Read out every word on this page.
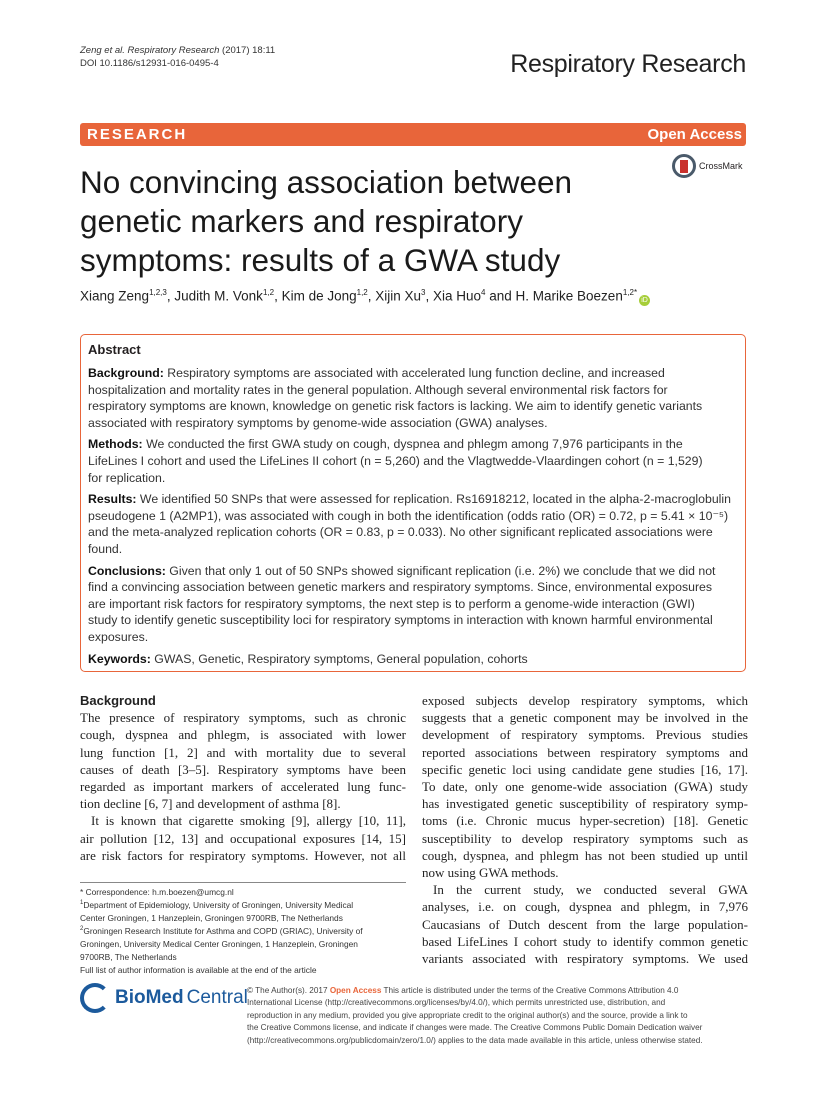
Zeng et al. Respiratory Research (2017) 18:11
DOI 10.1186/s12931-016-0495-4	Respiratory Research
RESEARCH	Open Access
No convincing association between genetic markers and respiratory symptoms: results of a GWA study
CrossMark
Xiang Zeng$^{1,2,3}$, Judith M. Vonk$^{1,2}$, Kim de Jong$^{1,2}$, Xijin Xu$^3$, Xia Huo$^4$ and H. Marike Boezen$^{1,2*}$iD
Abstract
Background: Respiratory symptoms are associated with accelerated lung function decline, and increased
hospitalization and mortality rates in the general population. Although several environmental risk factors for
respiratory symptoms are known, knowledge on genetic risk factors is lacking. We aim to identify genetic variants
associated with respiratory symptoms by genome-wide association (GWA) analyses.
Methods: We conducted the first GWA study on cough, dyspnea and phlegm among 7,976 participants in the
LifeLines I cohort and used the LifeLines II cohort (n = 5,260) and the Vlagtwedde-Vlaardingen cohort (n = 1,529)
for replication.
Results: We identified 50 SNPs that were assessed for replication. Rs16918212, located in the alpha-2-macroglobulin
pseudogene 1 (A2MP1), was associated with cough in both the identification (odds ratio (OR) = 0.72, p = 5.41 × 10⁻⁵)
and the meta-analyzed replication cohorts (OR = 0.83, p = 0.033). No other significant replicated associations were
found.
Conclusions: Given that only 1 out of 50 SNPs showed significant replication (i.e. 2%) we conclude that we did not
find a convincing association between genetic markers and respiratory symptoms. Since, environmental exposures
are important risk factors for respiratory symptoms, the next step is to perform a genome-wide interaction (GWI)
study to identify genetic susceptibility loci for respiratory symptoms in interaction with known harmful environmental
exposures.
Keywords: GWAS, Genetic, Respiratory symptoms, General population, cohorts
Background
The presence of respiratory symptoms, such as chronic
cough, dyspnea and phlegm, is associated with lower
lung function [1, 2] and with mortality due to several
causes of death [3–5]. Respiratory symptoms have been
regarded as important markers of accelerated lung func-
tion decline [6, 7] and development of asthma [8].
It is known that cigarette smoking [9], allergy [10, 11],
air pollution [12, 13] and occupational exposures [14, 15]
are risk factors for respiratory symptoms. However, not all
exposed subjects develop respiratory symptoms, which
suggests that a genetic component may be involved in the
development of respiratory symptoms. Previous studies
reported associations between respiratory symptoms and
specific genetic loci using candidate gene studies [16, 17].
To date, only one genome-wide association (GWA) study
has investigated genetic susceptibility of respiratory symp-
toms (i.e. Chronic mucus hyper-secretion) [18]. Genetic
susceptibility to develop respiratory symptoms such as
cough, dyspnea, and phlegm has not been studied up until
now using GWA methods.
In the current study, we conducted several GWA
analyses, i.e. on cough, dyspnea and phlegm, in 7,976
Caucasians of Dutch descent from the large population-
based LifeLines I cohort study to identify common genetic
variants associated with respiratory symptoms. We used
* Correspondence: h.m.boezen@umcg.nl
$^1$Department of Epidemiology, University of Groningen, University Medical
Center Groningen, 1 Hanzeplein, Groningen 9700RB, The Netherlands
$^2$Groningen Research Institute for Asthma and COPD (GRIAC), University of
Groningen, University Medical Center Groningen, 1 Hanzeplein, Groningen
9700RB, The Netherlands
Full list of author information is available at the end of the article
BioMed Central © The Author(s). 2017 Open Access This article is distributed under the terms of the Creative Commons Attribution 4.0
International License (http://creativecommons.org/licenses/by/4.0/), which permits unrestricted use, distribution, and
reproduction in any medium, provided you give appropriate credit to the original author(s) and the source, provide a link to
the Creative Commons license, and indicate if changes were made. The Creative Commons Public Domain Dedication waiver
(http://creativecommons.org/publicdomain/zero/1.0/) applies to the data made available in this article, unless otherwise stated.
